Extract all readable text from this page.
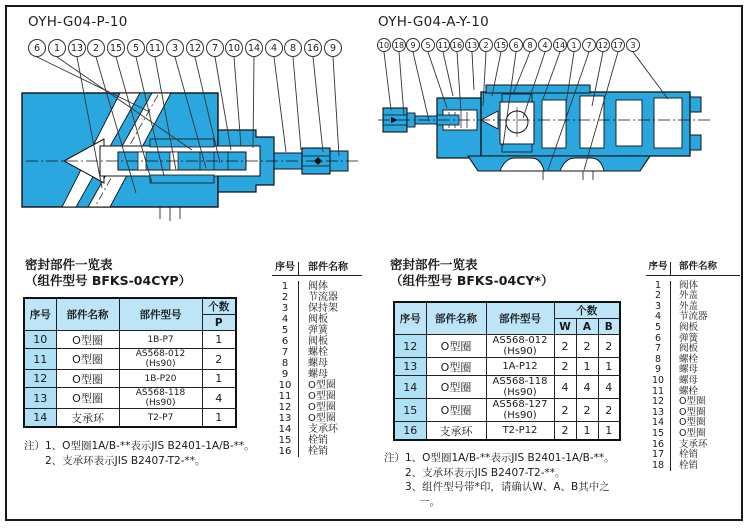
OYH-G04-P-10	OYH-G04-A-Y-10
6	1	13	2	15	5	11	3	12	7	10 14	4	8	16	9	10 18 9	5 11 16 13 2 15 6	8	4 14 1	7 12 17 3
密封部件一览表
（组件型号 BFKS-04CYP）
序号	部件名称	部件型号	个数
			P
10	O型圈	1B-P7	1
11	O型圈	AS568-012 (Hs90)	2
12	O型圈	1B-P20	1
13	O型圈	AS568-118 (Hs90)	4
14	支承环	T2-P7	1
注）1、O型圈1A/B-**表示JIS B2401-1A/B-**。
2、支承环表示JIS B2407-T2-**。
序号	部件名称
1	阀体
2	节流器
3	保持架
4	阀板
5	弹簧
6	阀板
7	螺栓
8	螺母
9	螺母
10	O型圈
11	O型圈
12	O型圈
13	O型圈
14	支承环
15	栓销
16	栓销
密封部件一览表
（组件型号 BFKS-04CY*）
序号	部件名称	部件型号	个数		
			W	A	B
12	O型圈	AS568-012 (Hs90)	2	2	2
13	O型圈	1A-P12	2	1	1
14	O型圈	AS568-118 (Hs90)	4	4	4
15	O型圈	AS568-127 (Hs90)	2	2	2
16	支承环	T2-P12	2	1	1
注）1、O型圈1A/B-**表示JIS B2401-1A/B-**。
2、支承环表示JIS B2407-T2-**。
3、组件型号带*印，请确认W、A、B其中之
一。
序号	部件名称
1	阀体
2	外盖
3	外盖
4	节流器
5	阀板
6	弹簧
7	阀板
8	螺栓
9	螺母
10	螺母
11	螺栓
12	O型圈
13	O型圈
14	O型圈
15	O型圈
16	支承环
17	栓销
18	栓销
